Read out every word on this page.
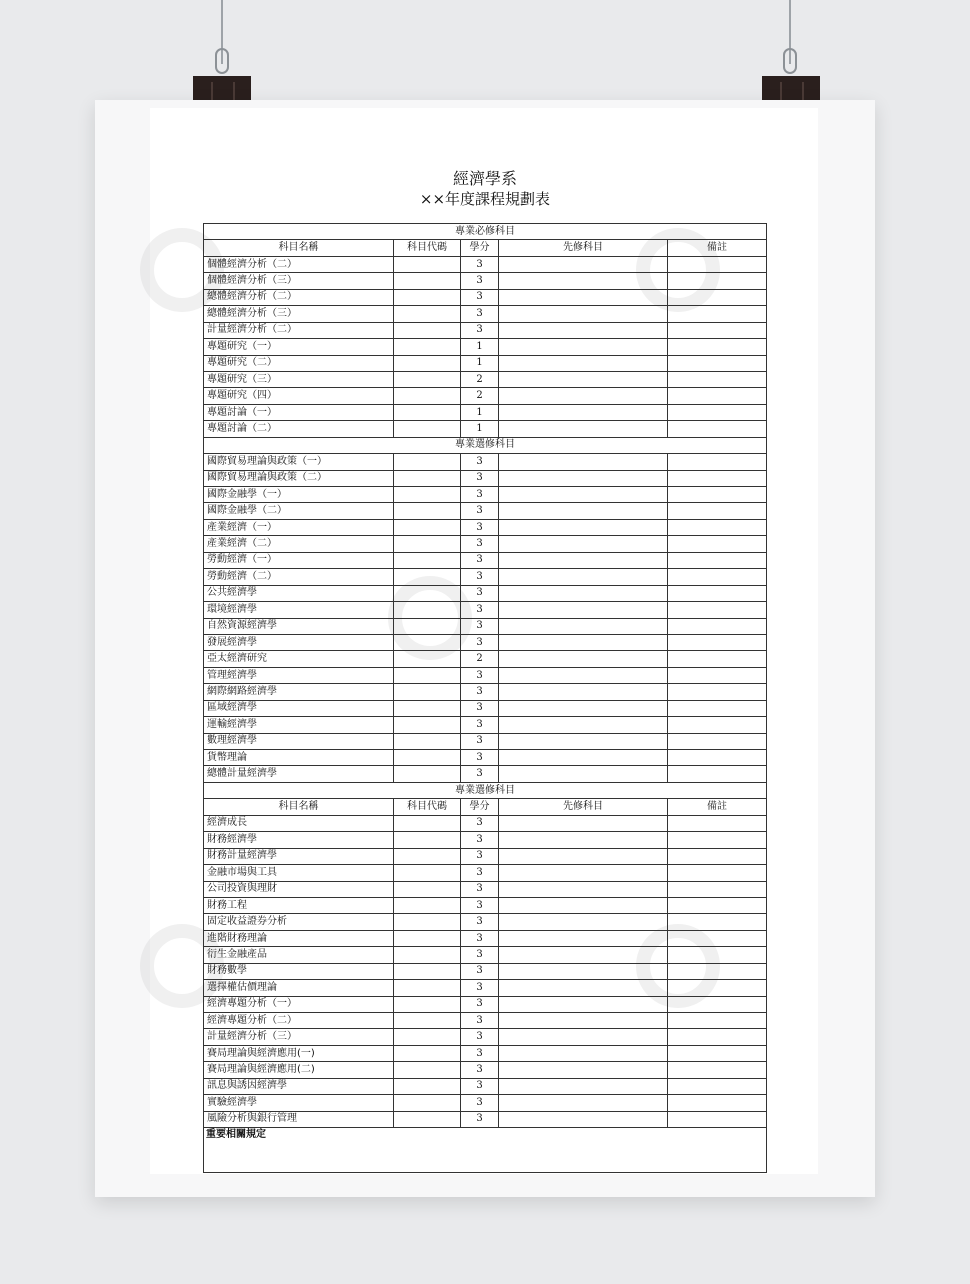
經濟學系
××年度課程規劃表
專業必修科目				
科目名稱	科目代碼	學分	先修科目	備註
個體經濟分析（二）		3		
個體經濟分析（三）		3		
總體經濟分析（二）		3		
總體經濟分析（三）		3		
計量經濟分析（二）		3		
專題研究（一）		1		
專題研究（二）		1		
專題研究（三）		2		
專題研究（四）		2		
專題討論（一）		1		
專題討論（二）		1		
專業選修科目				
國際貿易理論與政策（一）		3		
國際貿易理論與政策（二）		3		
國際金融學（一）		3		
國際金融學（二）		3		
產業經濟（一）		3		
產業經濟（二）		3		
勞動經濟（一）		3		
勞動經濟（二）		3		
公共經濟學		3		
環境經濟學		3		
自然資源經濟學		3		
發展經濟學		3		
亞太經濟研究		2		
管理經濟學		3		
網際網路經濟學		3		
區域經濟學		3		
運輸經濟學		3		
數理經濟學		3		
貨幣理論		3		
總體計量經濟學		3		
專業選修科目				
科目名稱	科目代碼	學分	先修科目	備註
經濟成長		3		
財務經濟學		3		
財務計量經濟學		3		
金融市場與工具		3		
公司投資與理財		3		
財務工程		3		
固定收益證券分析		3		
進階財務理論		3		
衍生金融產品		3		
財務數學		3		
選擇權估價理論		3		
經濟專題分析（一）		3		
經濟專題分析（二）		3		
計量經濟分析（三）		3		
賽局理論與經濟應用(一)		3		
賽局理論與經濟應用(二)		3		
訊息與誘因經濟學		3		
實驗經濟學		3		
風險分析與銀行管理		3		
重要相關規定				
